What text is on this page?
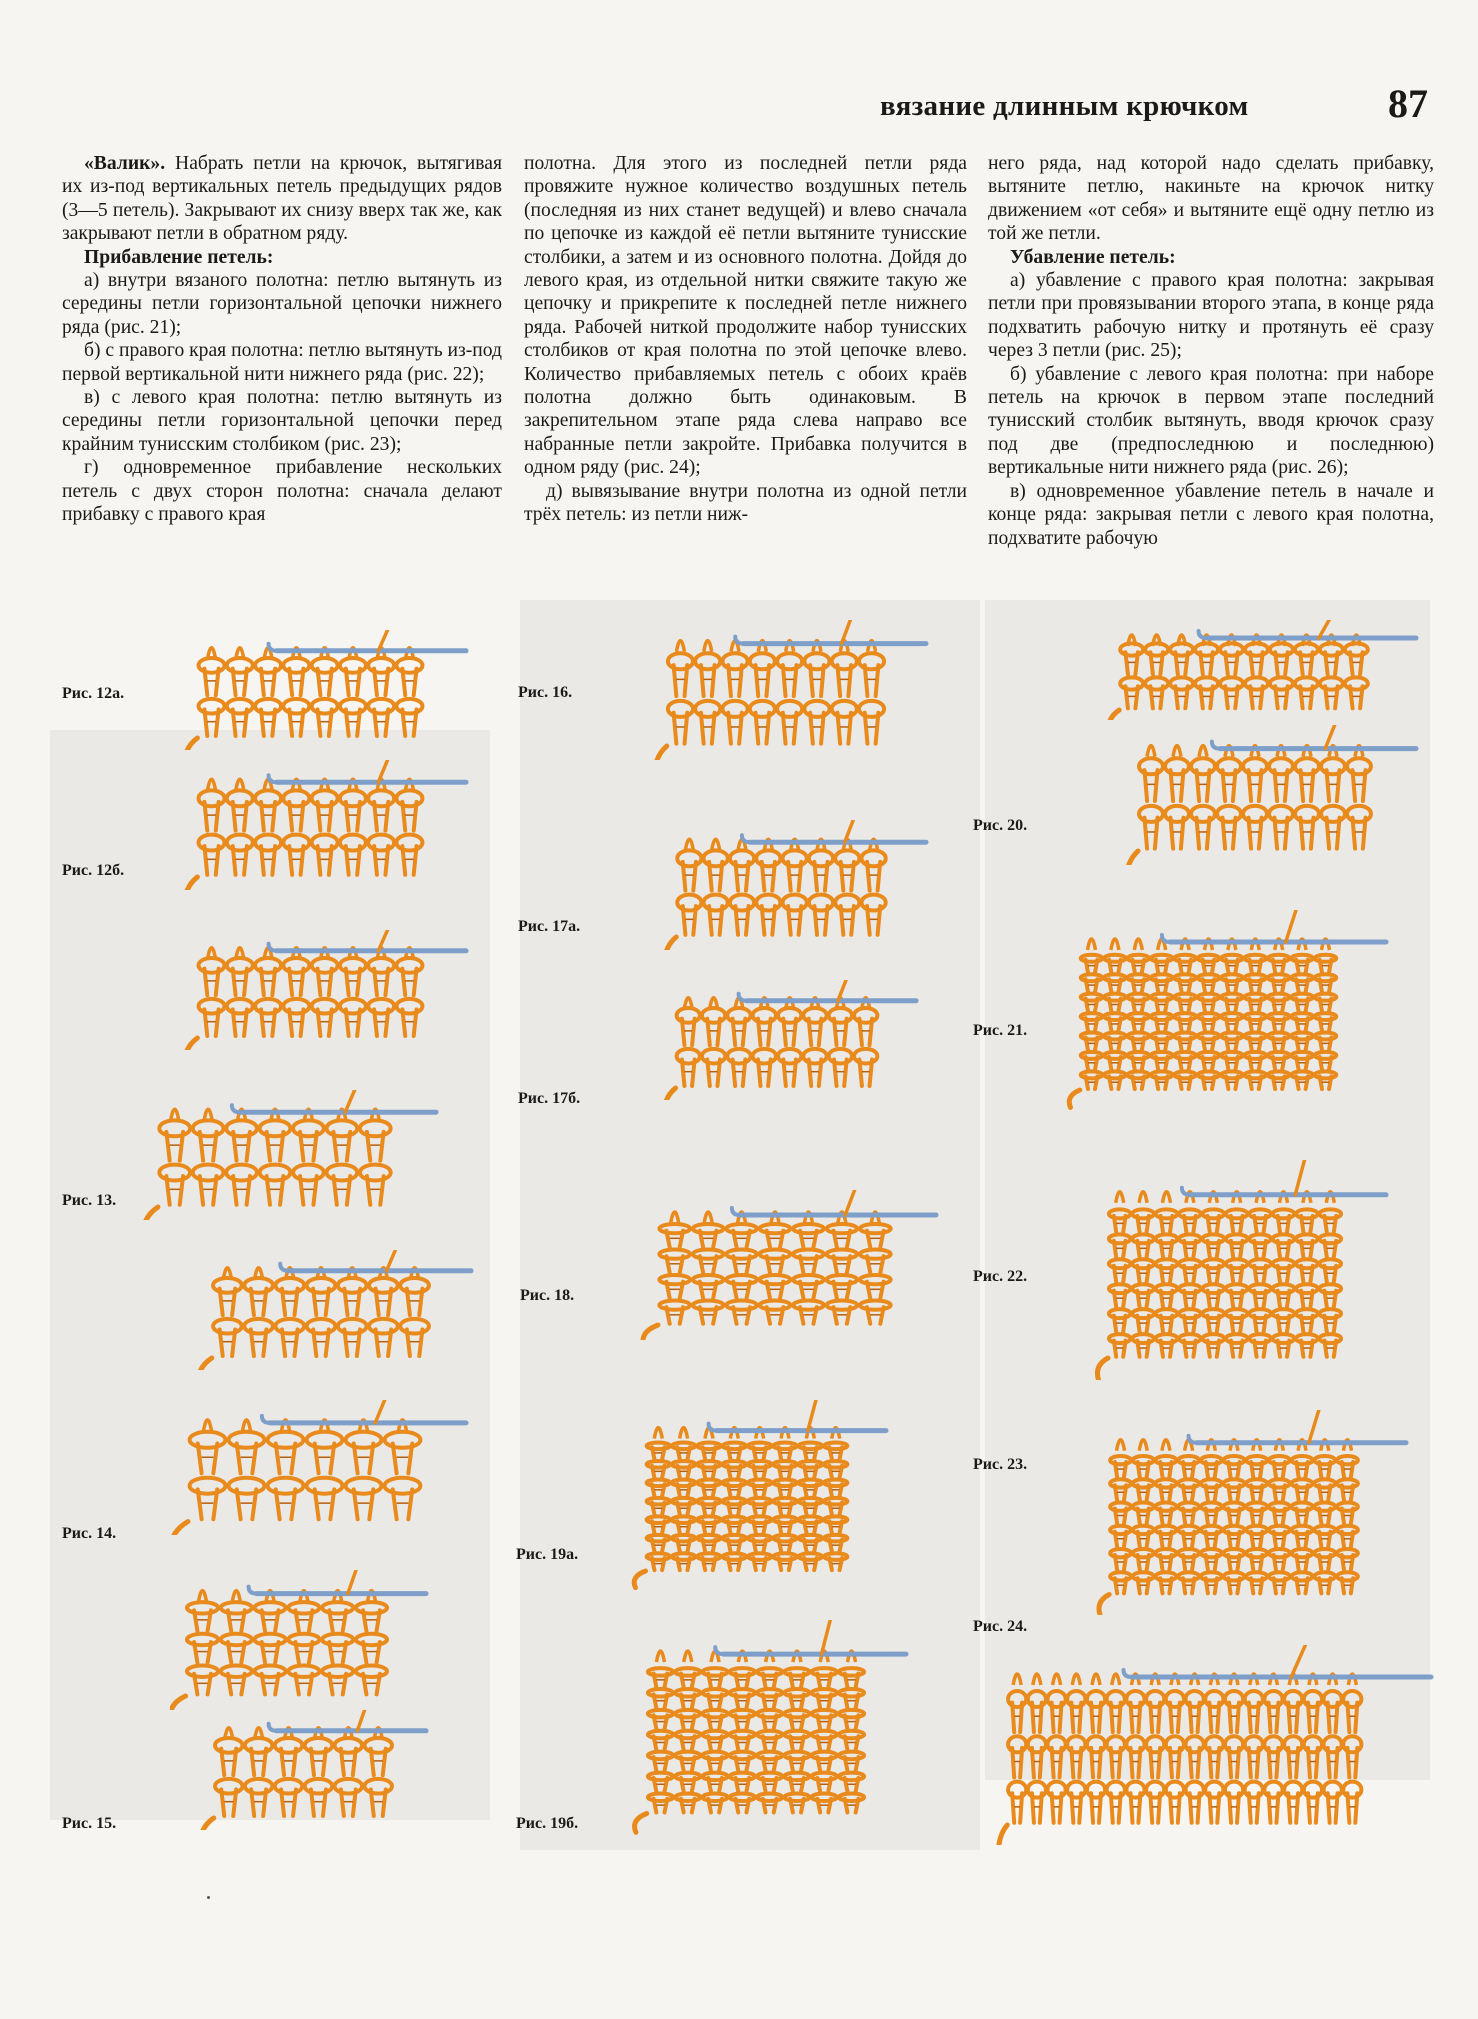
вязание длинным крючком	87

«Валик». Набрать петли на крючок, вытягивая их из-под вертикальных петель предыдущих рядов (3—5 петель). Закрывают их снизу вверх так же, как закрывают петли в обратном ряду.

Прибавление петель:

а) внутри вязаного полотна: петлю вытянуть из середины петли горизонтальной цепочки нижнего ряда (рис. 21);

б) с правого края полотна: петлю вытянуть из-под первой вертикальной нити нижнего ряда (рис. 22);

в) с левого края полотна: петлю вытянуть из середины петли горизонтальной цепочки перед крайним тунисским столбиком (рис. 23);

г) одновременное прибавление нескольких петель с двух сторон полотна: сначала делают прибавку с правого края

полотна. Для этого из последней петли ряда провяжите нужное количество воздушных петель (последняя из них станет ведущей) и влево сначала по цепочке из каждой её петли вытяните тунисские столбики, а затем и из основного полотна. Дойдя до левого края, из отдельной нитки свяжите такую же цепочку и прикрепите к последней петле нижнего ряда. Рабочей ниткой продолжите набор тунисских столбиков от края полотна по этой цепочке влево. Количество прибавляемых петель с обоих краёв полотна должно быть одинаковым. В закрепительном этапе ряда слева направо все набранные петли закройте. Прибавка получится в одном ряду (рис. 24);

д) вывязывание внутри полотна из одной петли трёх петель: из петли ниж-

него ряда, над которой надо сделать прибавку, вытяните петлю, накиньте на крючок нитку движением «от себя» и вытяните ещё одну петлю из той же петли.

Убавление петель:

а) убавление с правого края полотна: закрывая петли при провязывании второго этапа, в конце ряда подхватить рабочую нитку и протянуть её сразу через 3 петли (рис. 25);

б) убавление с левого края полотна: при наборе петель на крючок в первом этапе последний тунисский столбик вытянуть, вводя крючок сразу под две (предпоследнюю и последнюю) вертикальные нити нижнего ряда (рис. 26);

в) одновременное убавление петель в начале и конце ряда: закрывая петли с левого края полотна, подхватите рабочую

Рис. 12а.
Рис. 12б.
Рис. 13.
Рис. 14.
Рис. 15.
Рис. 16.
Рис. 17а.
Рис. 17б.
Рис. 18.
Рис. 19а.
Рис. 19б.
Рис. 20.
Рис. 21.
Рис. 22.
Рис. 23.
Рис. 24.
